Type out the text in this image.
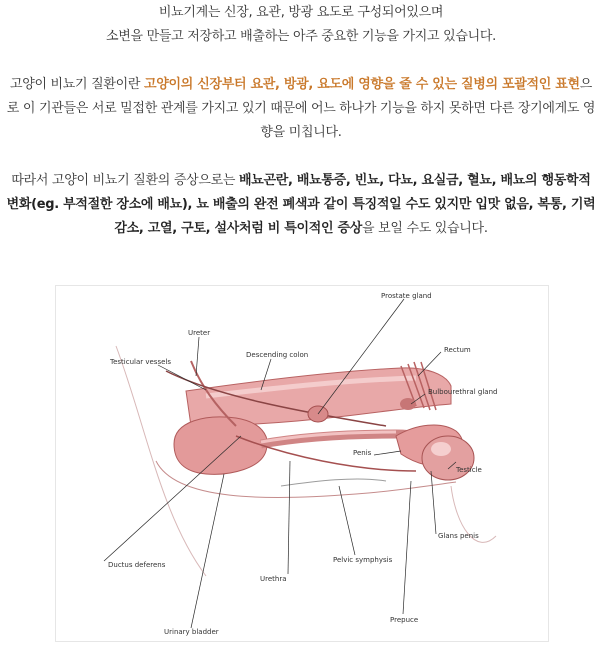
비뇨기계는 신장, 요관, 방광 요도로 구성되어있으며
소변을 만들고 저장하고 배출하는 아주 중요한 기능을 가지고 있습니다.

고양이 비뇨기 질환이란 고양이의 신장부터 요관, 방광, 요도에 영향을 줄 수 있는 질병의 포괄적인 표현으로 이 기관들은 서로 밀접한 관계를 가지고 있기 때문에 어느 하나가 기능을 하지 못하면 다른 장기에게도 영향을 미칩니다.

따라서 고양이 비뇨기 질환의 증상으로는 배뇨곤란, 배뇨통증, 빈뇨, 다뇨, 요실금, 혈뇨, 배뇨의 행동학적 변화(eg. 부적절한 장소에 배뇨), 뇨 배출의 완전 폐색과 같이 특징적일 수도 있지만 입맛 없음, 복통, 기력 감소, 고열, 구토, 설사처럼 비 특이적인 증상을 보일 수도 있습니다.

Prostate gland
Ureter
Testicular vessels
Descending colon
Rectum
Bulbourethral gland
Penis
Testicle
Glans penis
Ductus deferens
Pelvic symphysis
Urethra
Prepuce
Urinary bladder
